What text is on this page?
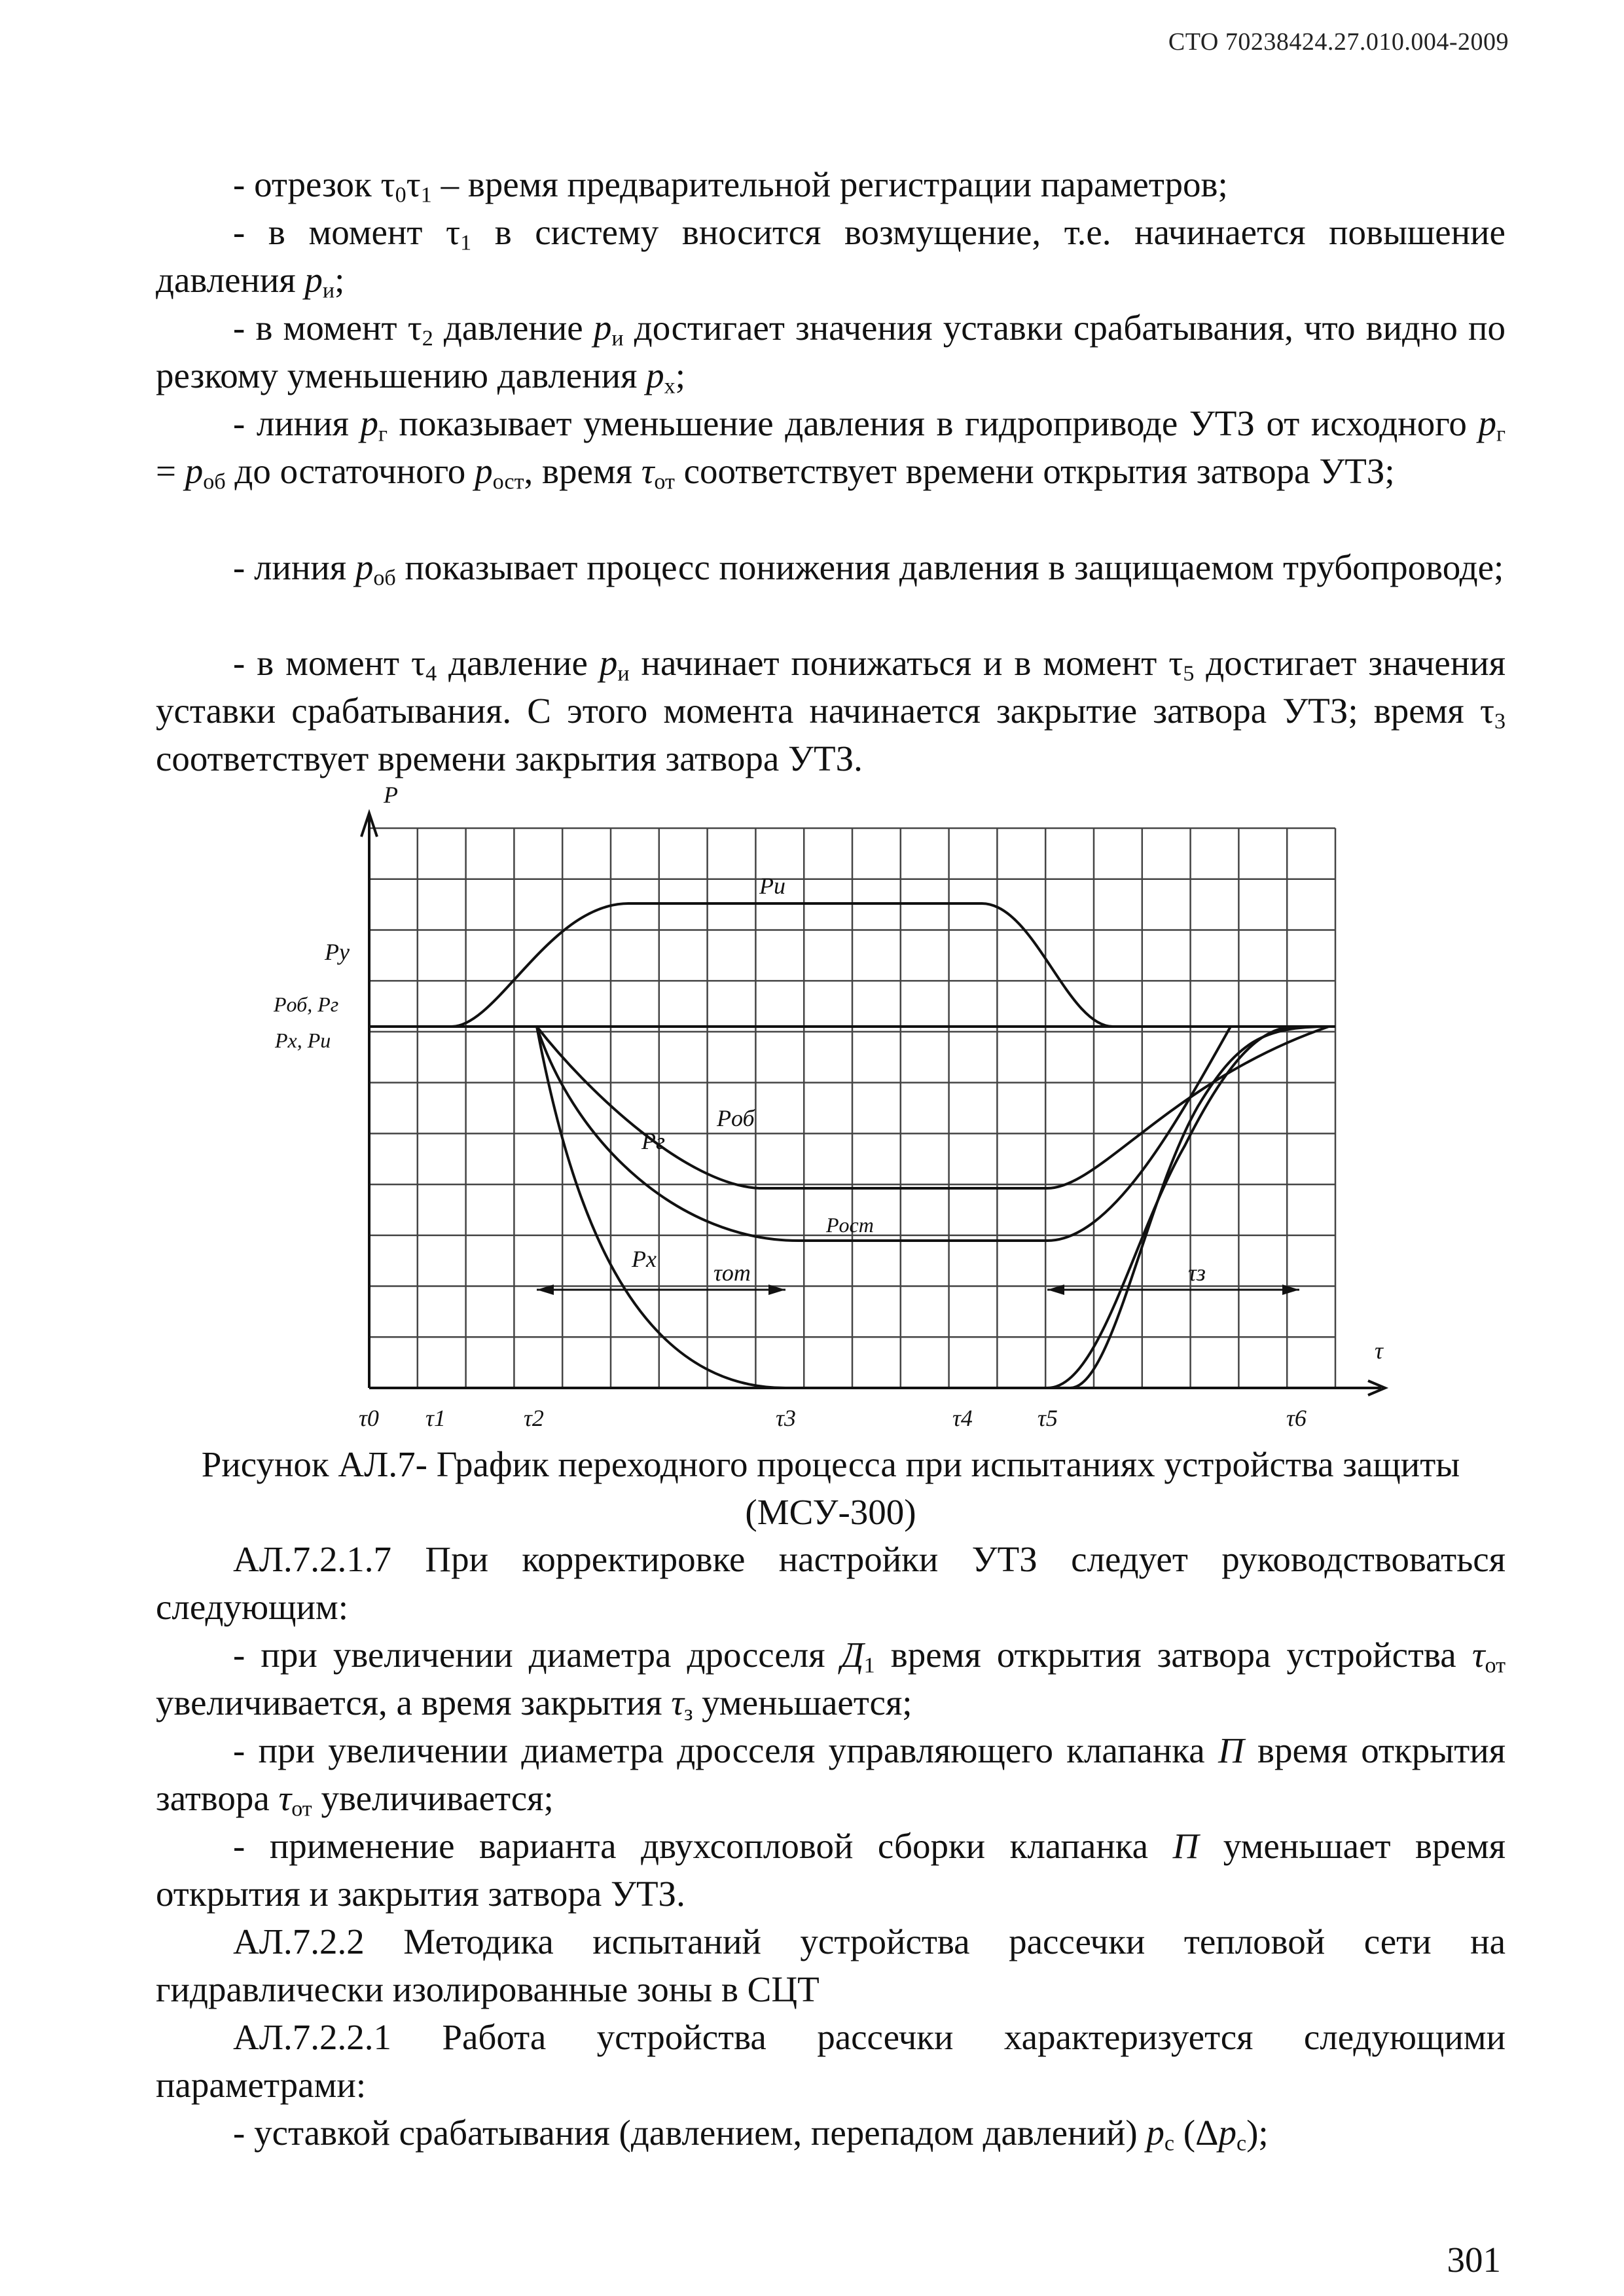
СТО 70238424.27.010.004-2009
- отрезок $\tau_0\tau_1$ – время предварительной регистрации параметров;
- в момент $\tau_1$ в систему вносится возмущение, т.е. начинается повышение давления $p_и$;
- в момент $\tau_2$ давление $p_и$ достигает значения уставки срабатывания, что видно по резкому уменьшению давления $p_х$;
- линия $p_г$ показывает уменьшение давления в гидроприводе УТЗ от исходного $p_г = p_{об}$ до остаточного $p_{ост}$, время $\tau_{от}$ соответствует времени открытия затвора УТЗ;
- линия $p_{об}$ показывает процесс понижения давления в защищаемом трубопроводе;
- в момент $\tau_4$ давление $p_и$ начинает понижаться и в момент $\tau_5$ достигает значения уставки срабатывания. С этого момента начинается закрытие затвора УТЗ; время $\tau_3$ соответствует времени закрытия затвора УТЗ.
P
τ
Pи
Py
Pоб, Pг
Px, Pи
Pоб
Pг
Px
Pост
τот	τз
τ0 τ1	τ2	τ3	τ4	τ5	τ6
Рисунок АЛ.7- График переходного процесса при испытаниях устройства защиты
(МСУ-300)
АЛ.7.2.1.7 При корректировке настройки УТЗ следует руководствоваться следующим:
- при увеличении диаметра дросселя $Д_1$ время открытия затвора устройства $\tau_{от}$ увеличивается, а время закрытия $\tau_з$ уменьшается;
- при увеличении диаметра дросселя управляющего клапанка П время открытия затвора $\tau_{от}$ увеличивается;
- применение варианта двухсопловой сборки клапанка П уменьшает время открытия и закрытия затвора УТЗ.
АЛ.7.2.2 Методика испытаний устройства рассечки тепловой сети на гидравлически изолированные зоны в СЦТ
АЛ.7.2.2.1 Работа устройства рассечки характеризуется следующими параметрами:
- уставкой срабатывания (давлением, перепадом давлений) $p_с$ $(\Delta p_с)$;
301
